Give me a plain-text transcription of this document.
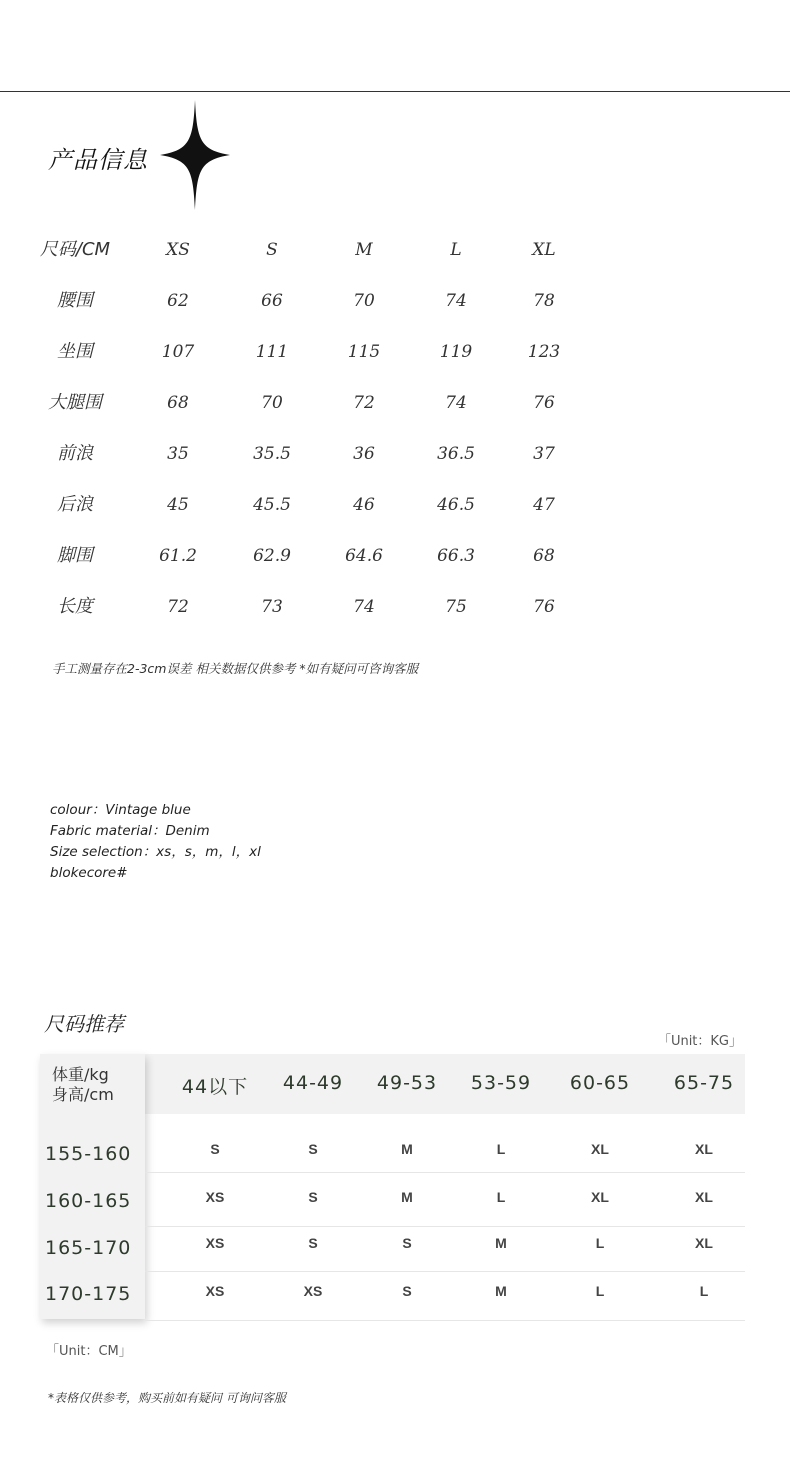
产品信息
尺码/CM	XS	S	M	L	XL
腰围	62	66	70	74	78
坐围	107	111	115	119	123
大腿围	68	70	72	74	76
前浪	35	35.5	36	36.5	37
后浪	45	45.5	46	46.5	47
脚围	61.2	62.9	64.6	66.3	68
长度	72	73	74	75	76
手工测量存在2-3cm误差 相关数据仅供参考 *如有疑问可咨询客服
colour：Vintage blue
Fabric material：Denim
Size selection：xs，s，m，l，xl
blokecore#
尺码推荐
「Unit：KG」
体重/kg
身高/cm	44以下	44-49	49-53	53-59	60-65	65-75
155-160	S	S	M	L	XL	XL
160-165	XS	S	M	L	XL	XL
165-170	XS	S	S	M	L	XL
170-175	XS	XS	S	M	L	L
「Unit：CM」
*表格仅供参考，购买前如有疑问 可询问客服
